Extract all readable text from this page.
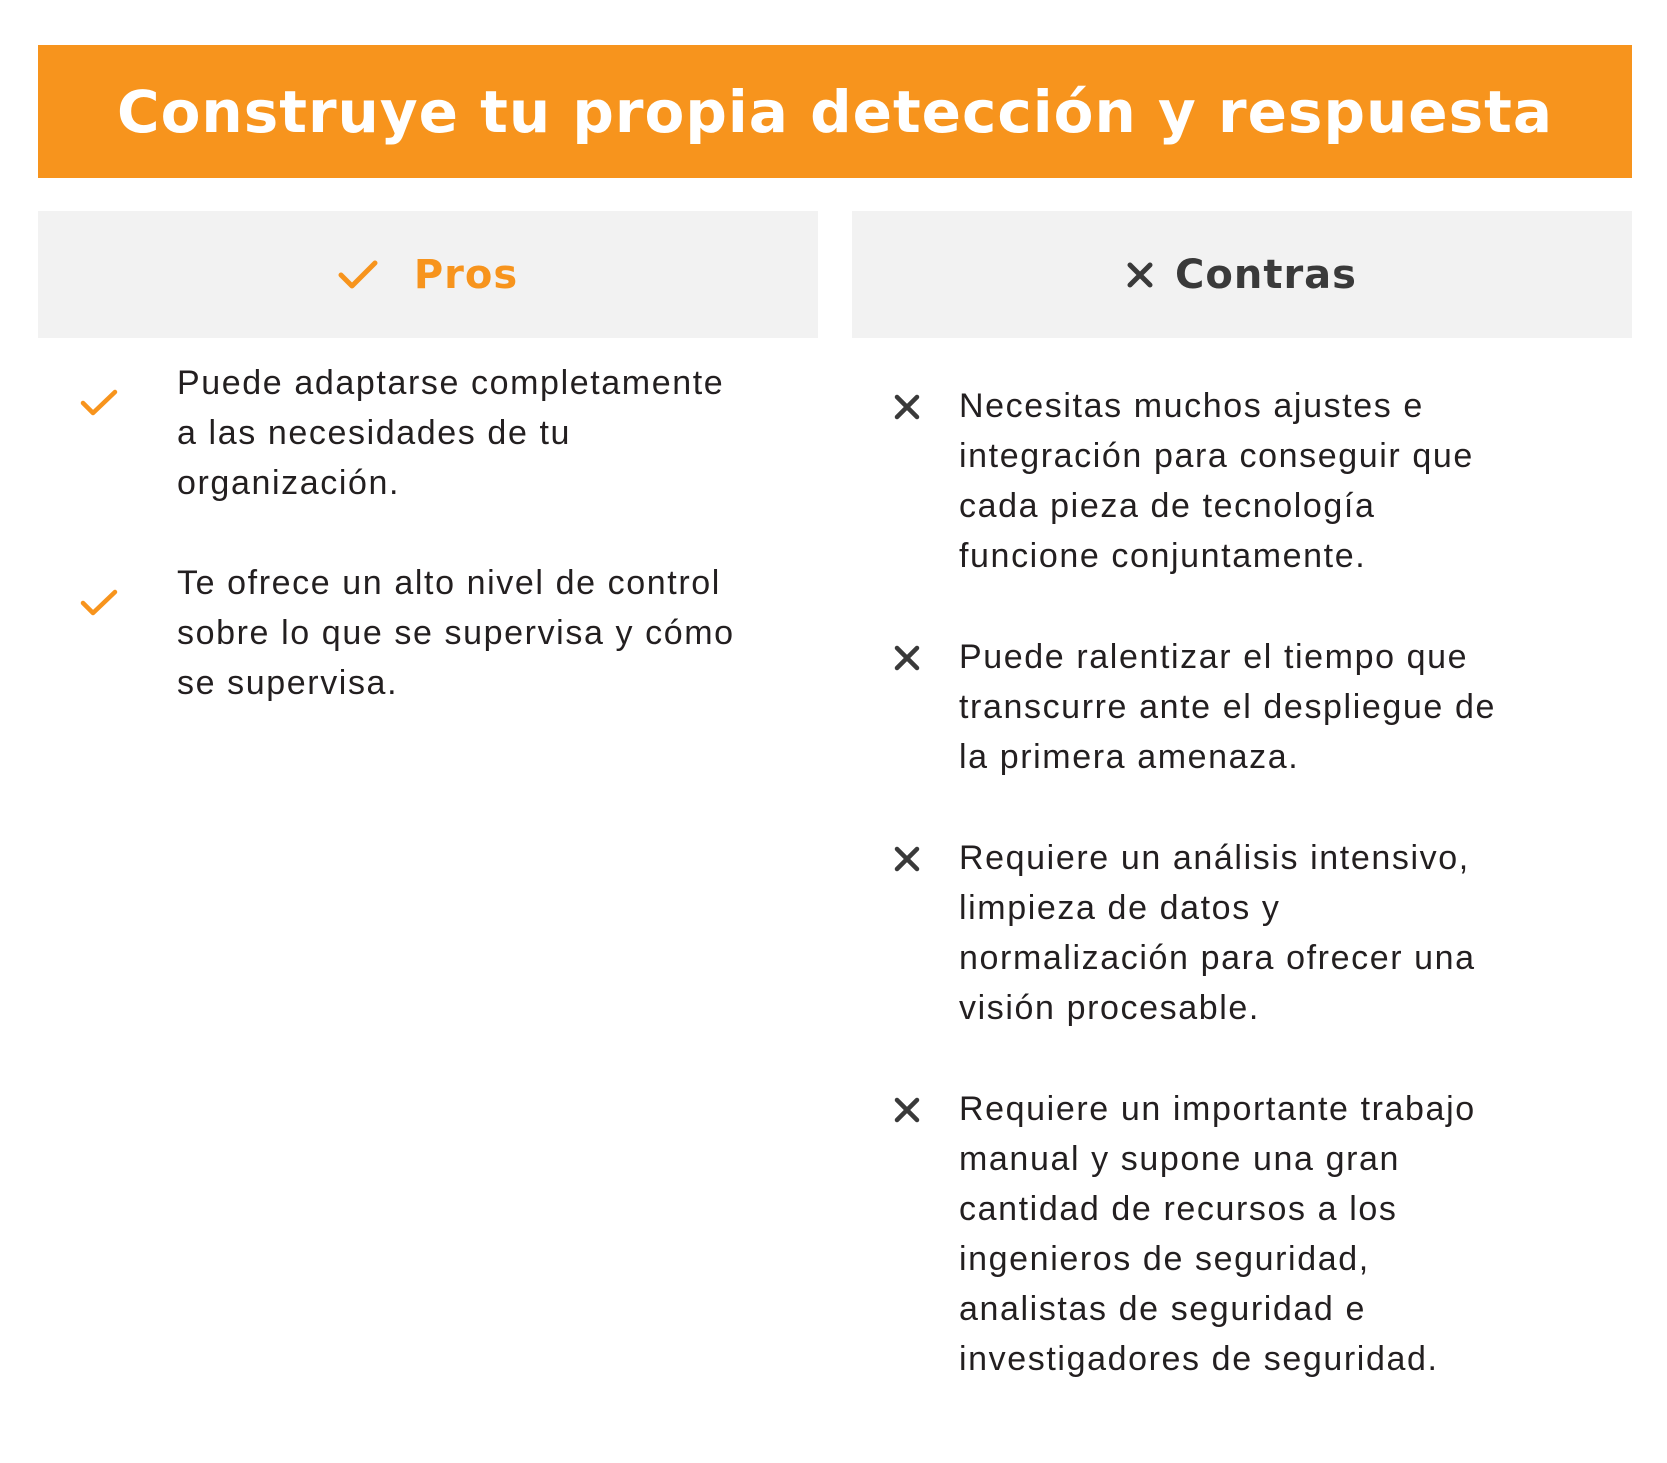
Construye tu propia detección y respuesta
Pros	Contras
Puede adaptarse completamente
a las necesidades de tu
organización.
Te ofrece un alto nivel de control
sobre lo que se supervisa y cómo
se supervisa.
Necesitas muchos ajustes e
integración para conseguir que
cada pieza de tecnología
funcione conjuntamente.
Puede ralentizar el tiempo que
transcurre ante el despliegue de
la primera amenaza.
Requiere un análisis intensivo,
limpieza de datos y
normalización para ofrecer una
visión procesable.
Requiere un importante trabajo
manual y supone una gran
cantidad de recursos a los
ingenieros de seguridad,
analistas de seguridad e
investigadores de seguridad.
